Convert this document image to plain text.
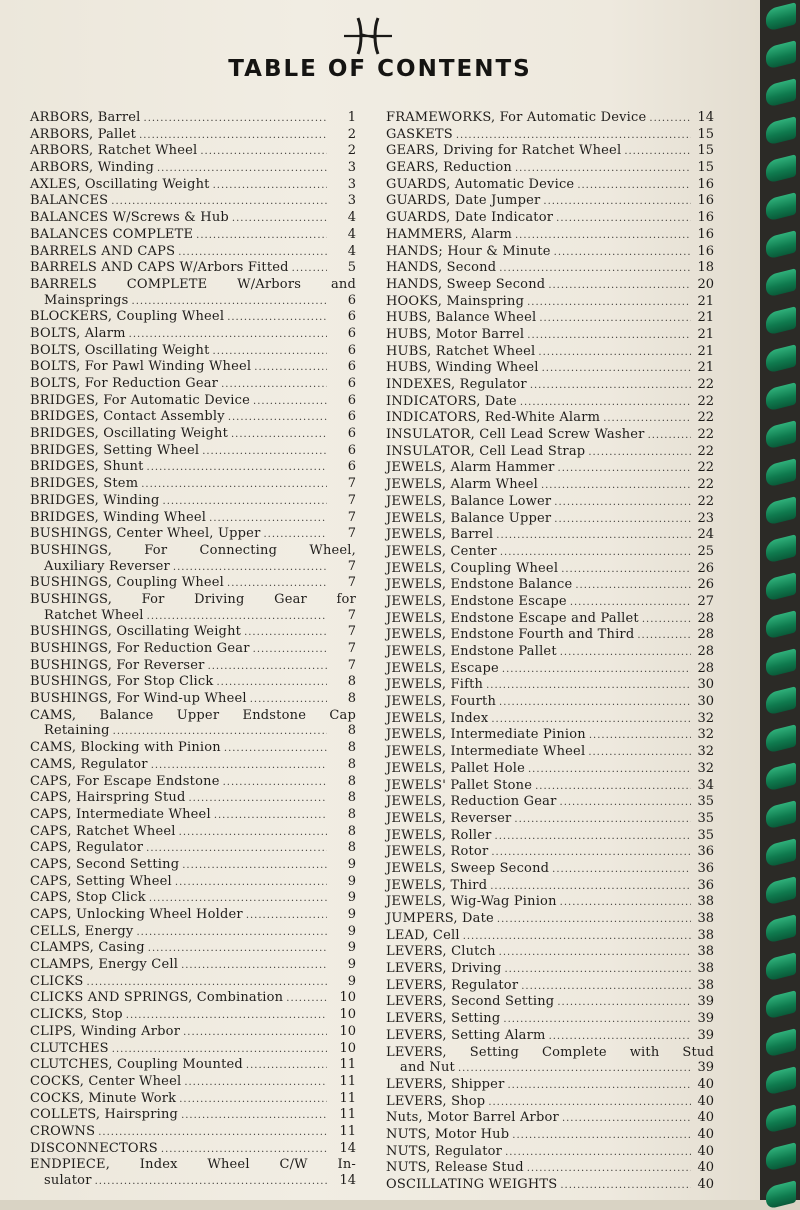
TABLE OF CONTENTS
ARBORS, Barrel .....	1
ARBORS, Pallet .....	2
ARBORS, Ratchet Wheel .....	2
ARBORS, Winding .....	3
AXLES, Oscillating Weight .....	3
BALANCES .....	3
BALANCES W/Screws & Hub .....	4
BALANCES COMPLETE .....	4
BARRELS AND CAPS .....	4
BARRELS AND CAPS W/Arbors Fitted .....	5
BARRELS COMPLETE W/Arbors and
Mainsprings .....	6
BLOCKERS, Coupling Wheel .....	6
BOLTS, Alarm .....	6
BOLTS, Oscillating Weight .....	6
BOLTS, For Pawl Winding Wheel .....	6
BOLTS, For Reduction Gear .....	6
BRIDGES, For Automatic Device .....	6
BRIDGES, Contact Assembly .....	6
BRIDGES, Oscillating Weight .....	6
BRIDGES, Setting Wheel .....	6
BRIDGES, Shunt .....	6
BRIDGES, Stem .....	7
BRIDGES, Winding .....	7
BRIDGES, Winding Wheel .....	7
BUSHINGS, Center Wheel, Upper .....	7
BUSHINGS, For Connecting Wheel,
Auxiliary Reverser .....	7
BUSHINGS, Coupling Wheel .....	7
BUSHINGS, For Driving Gear for
Ratchet Wheel .....	7
BUSHINGS, Oscillating Weight .....	7
BUSHINGS, For Reduction Gear .....	7
BUSHINGS, For Reverser .....	7
BUSHINGS, For Stop Click .....	8
BUSHINGS, For Wind-up Wheel .....	8
CAMS, Balance Upper Endstone Cap
Retaining .....	8
CAMS, Blocking with Pinion .....	8
CAMS, Regulator .....	8
CAPS, For Escape Endstone .....	8
CAPS, Hairspring Stud .....	8
CAPS, Intermediate Wheel .....	8
CAPS, Ratchet Wheel .....	8
CAPS, Regulator .....	8
CAPS, Second Setting .....	9
CAPS, Setting Wheel .....	9
CAPS, Stop Click .....	9
CAPS, Unlocking Wheel Holder .....	9
CELLS, Energy .....	9
CLAMPS, Casing .....	9
CLAMPS, Energy Cell .....	9
CLICKS .....	9
CLICKS AND SPRINGS, Combination .....	10
CLICKS, Stop .....	10
CLIPS, Winding Arbor .....	10
CLUTCHES .....	10
CLUTCHES, Coupling Mounted .....	11
COCKS, Center Wheel .....	11
COCKS, Minute Work .....	11
COLLETS, Hairspring .....	11
CROWNS .....	11
DISCONNECTORS .....	14
ENDPIECE, Index Wheel C/W In-
sulator .....	14
FRAMEWORKS, For Automatic Device .....	14
GASKETS .....	15
GEARS, Driving for Ratchet Wheel .....	15
GEARS, Reduction .....	15
GUARDS, Automatic Device .....	16
GUARDS, Date Jumper .....	16
GUARDS, Date Indicator .....	16
HAMMERS, Alarm .....	16
HANDS; Hour & Minute .....	16
HANDS, Second .....	18
HANDS, Sweep Second .....	20
HOOKS, Mainspring .....	21
HUBS, Balance Wheel .....	21
HUBS, Motor Barrel .....	21
HUBS, Ratchet Wheel .....	21
HUBS, Winding Wheel .....	21
INDEXES, Regulator .....	22
INDICATORS, Date .....	22
INDICATORS, Red-White Alarm .....	22
INSULATOR, Cell Lead Screw Washer .....	22
INSULATOR, Cell Lead Strap .....	22
JEWELS, Alarm Hammer .....	22
JEWELS, Alarm Wheel .....	22
JEWELS, Balance Lower .....	22
JEWELS, Balance Upper .....	23
JEWELS, Barrel .....	24
JEWELS, Center .....	25
JEWELS, Coupling Wheel .....	26
JEWELS, Endstone Balance .....	26
JEWELS, Endstone Escape .....	27
JEWELS, Endstone Escape and Pallet .....	28
JEWELS, Endstone Fourth and Third .....	28
JEWELS, Endstone Pallet .....	28
JEWELS, Escape .....	28
JEWELS, Fifth .....	30
JEWELS, Fourth .....	30
JEWELS, Index .....	32
JEWELS, Intermediate Pinion .....	32
JEWELS, Intermediate Wheel .....	32
JEWELS, Pallet Hole .....	32
JEWELS' Pallet Stone .....	34
JEWELS, Reduction Gear .....	35
JEWELS, Reverser .....	35
JEWELS, Roller .....	35
JEWELS, Rotor .....	36
JEWELS, Sweep Second .....	36
JEWELS, Third .....	36
JEWELS, Wig-Wag Pinion .....	38
JUMPERS, Date .....	38
LEAD, Cell .....	38
LEVERS, Clutch .....	38
LEVERS, Driving .....	38
LEVERS, Regulator .....	38
LEVERS, Second Setting .....	39
LEVERS, Setting .....	39
LEVERS, Setting Alarm .....	39
LEVERS, Setting Complete with Stud
and Nut .....	39
LEVERS, Shipper .....	40
LEVERS, Shop .....	40
Nuts, Motor Barrel Arbor .....	40
NUTS, Motor Hub .....	40
NUTS, Regulator .....	40
NUTS, Release Stud .....	40
OSCILLATING WEIGHTS .....	40
